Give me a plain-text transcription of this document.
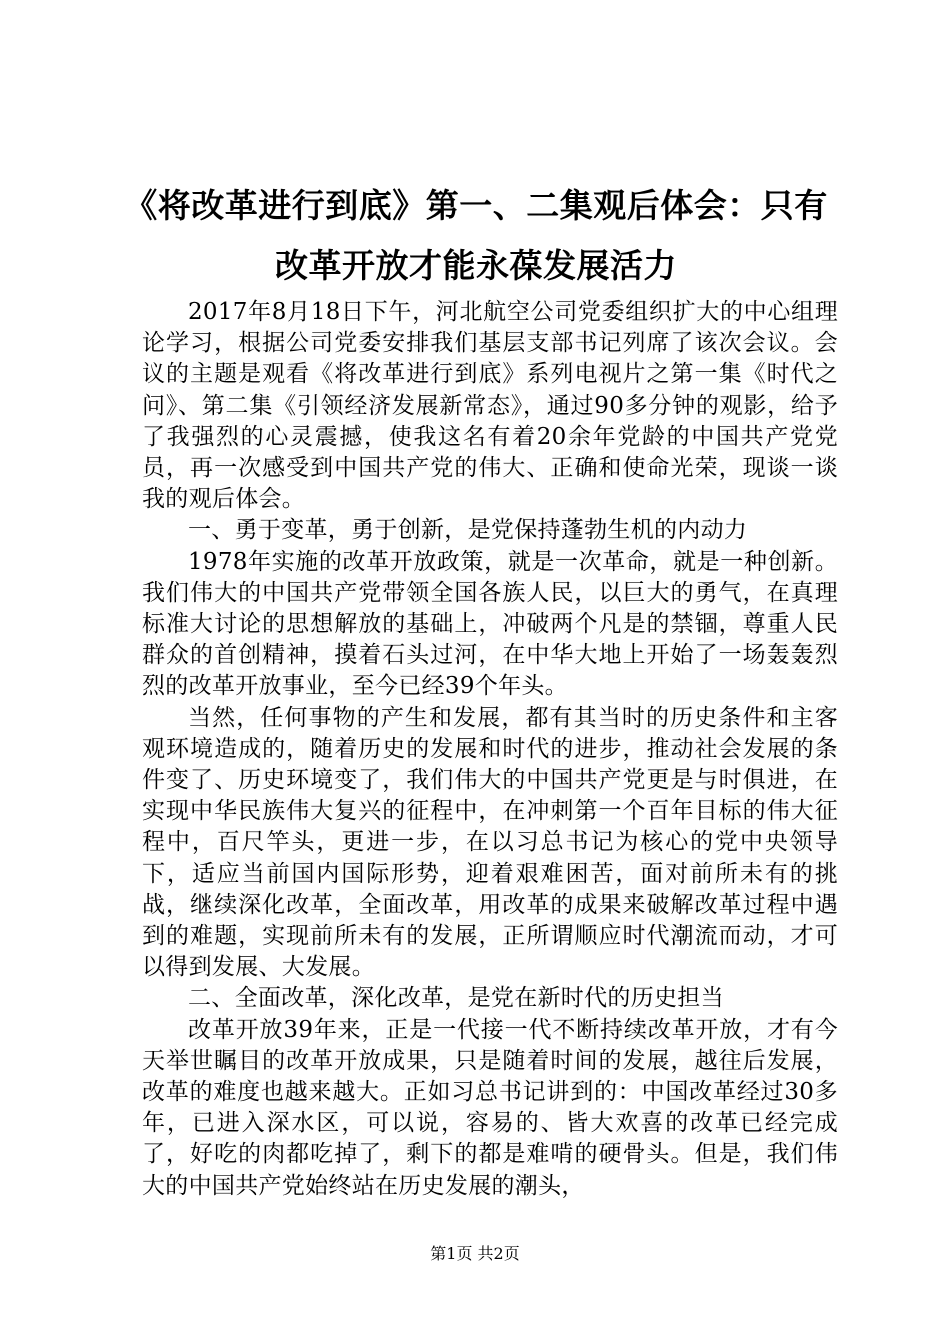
《将改革进行到底》第一、二集观后体会：只有改革开放才能永葆发展活力

2017年8月18日下午，河北航空公司党委组织扩大的中心组理论学习，根据公司党委安排我们基层支部书记列席了该次会议。会议的主题是观看《将改革进行到底》系列电视片之第一集《时代之问》、第二集《引领经济发展新常态》，通过90多分钟的观影，给予了我强烈的心灵震撼，使我这名有着20余年党龄的中国共产党党员，再一次感受到中国共产党的伟大、正确和使命光荣，现谈一谈我的观后体会。

一、勇于变革，勇于创新，是党保持蓬勃生机的内动力

1978年实施的改革开放政策，就是一次革命，就是一种创新。我们伟大的中国共产党带领全国各族人民，以巨大的勇气，在真理标准大讨论的思想解放的基础上，冲破两个凡是的禁锢，尊重人民群众的首创精神，摸着石头过河，在中华大地上开始了一场轰轰烈烈的改革开放事业，至今已经39个年头。

当然，任何事物的产生和发展，都有其当时的历史条件和主客观环境造成的，随着历史的发展和时代的进步，推动社会发展的条件变了、历史环境变了，我们伟大的中国共产党更是与时俱进，在实现中华民族伟大复兴的征程中，在冲刺第一个百年目标的伟大征程中，百尺竿头，更进一步，在以习总书记为核心的党中央领导下，适应当前国内国际形势，迎着艰难困苦，面对前所未有的挑战，继续深化改革，全面改革，用改革的成果来破解改革过程中遇到的难题，实现前所未有的发展，正所谓顺应时代潮流而动，才可以得到发展、大发展。

二、全面改革，深化改革，是党在新时代的历史担当

改革开放39年来，正是一代接一代不断持续改革开放，才有今天举世瞩目的改革开放成果，只是随着时间的发展，越往后发展，改革的难度也越来越大。正如习总书记讲到的：中国改革经过30多年，已进入深水区，可以说，容易的、皆大欢喜的改革已经完成了，好吃的肉都吃掉了，剩下的都是难啃的硬骨头。但是，我们伟大的中国共产党始终站在历史发展的潮头，

第1页 共2页
